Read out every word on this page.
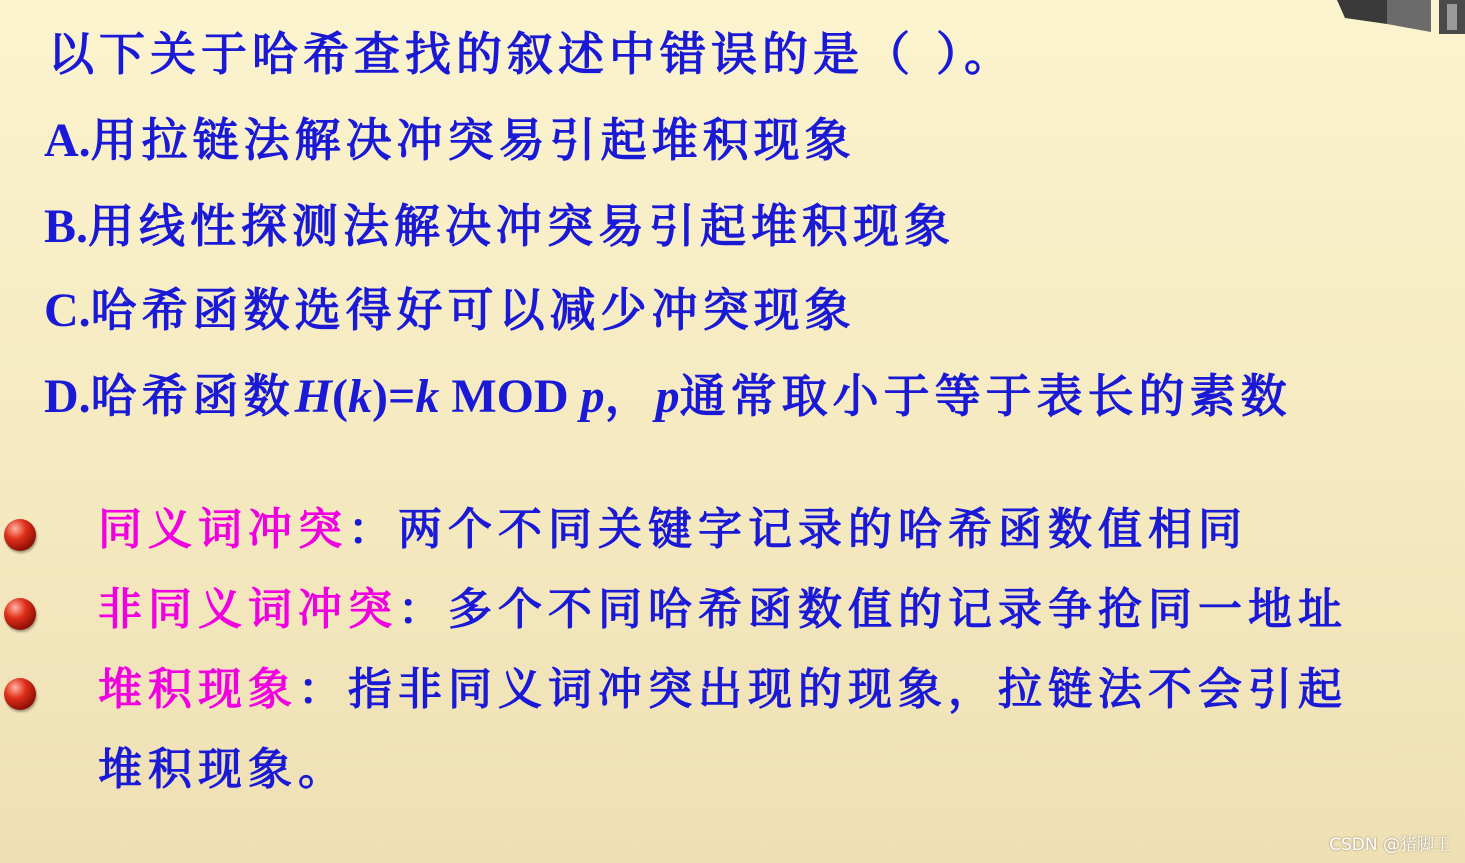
以下关于哈希查找的叙述中错误的是（ ）。
A.用拉链法解决冲突易引起堆积现象
B.用线性探测法解决冲突易引起堆积现象
C.哈希函数选得好可以减少冲突现象
D.哈希函数H(k)=k MOD p，p通常取小于等于表长的素数
同义词冲突：两个不同关键字记录的哈希函数值相同
非同义词冲突：多个不同哈希函数值的记录争抢同一地址
堆积现象：指非同义词冲突出现的现象，拉链法不会引起
堆积现象。
CSDN @猪脚王
